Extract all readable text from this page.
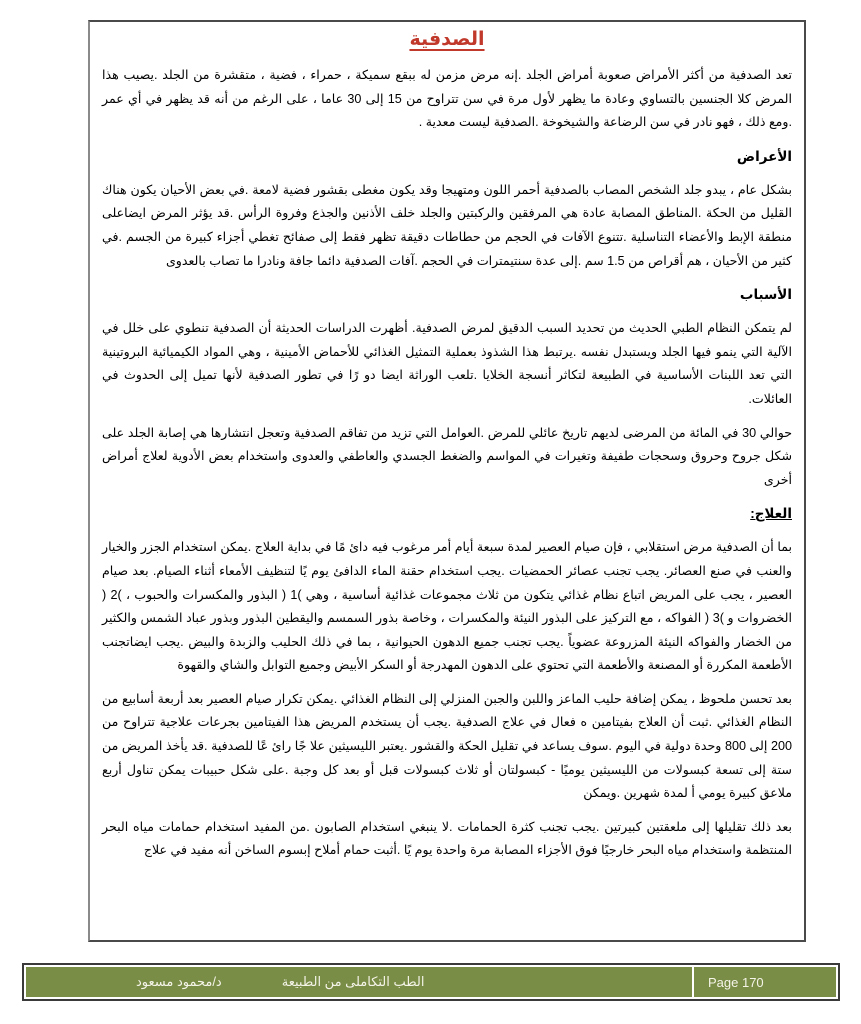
الصدفية

تعد الصدفية من أكثر الأمراض صعوبة أمراض الجلد .إنه مرض مزمن له ببقع سميكة ، حمراء ، فضية ، متقشرة من الجلد .يصيب هذا المرض كلا الجنسين بالتساوي وعادة ما يظهر لأول مرة في سن تتراوح من 15 إلى 30 عاما ، على الرغم من أنه قد يظهر في أي عمر .ومع ذلك ، فهو نادر في سن الرضاعة والشيخوخة .الصدفية ليست معدية .

الأعراض

بشكل عام ، يبدو جلد الشخص المصاب بالصدفية أحمر اللون ومتهيجا وقد يكون مغطى بقشور فضية لامعة .في بعض الأحيان يكون هناك القليل من الحكة .المناطق المصابة عادة هي المرفقين والركبتين والجلد خلف الأذنين والجذع وفروة الرأس .قد يؤثر المرض ايضاعلى منطقة الإبط والأعضاء التناسلية .تتنوع الآفات في الحجم من حطاطات دقيقة تظهر فقط إلى صفائح تغطي أجزاء كبيرة من الجسم .في كثير من الأحيان ، هم أقراص من 1.5 سم .إلى عدة سنتيمترات في الحجم .آفات الصدفية دائما جافة ونادرا ما تصاب بالعدوى

الأسباب

لم يتمكن النظام الطبي الحديث من تحديد السبب الدقيق لمرض الصدفية. أظهرت الدراسات الحديثة أن الصدفية تنطوي على خلل في الآلية التي ينمو فيها الجلد ويستبدل نفسه .يرتبط هذا الشذوذ بعملية التمثيل الغذائي للأحماض الأمينية ، وهي المواد الكيميائية البروتينية التي تعد اللبنات الأساسية في الطبيعة لتكاثر أنسجة الخلايا .تلعب الوراثة ايضا دو رًا في تطور الصدفية لأنها تميل إلى الحدوث في العائلات.

حوالي 30 في المائة من المرضى لديهم تاريخ عائلي للمرض .العوامل التي تزيد من تفاقم الصدفية وتعجل انتشارها هي إصابة الجلد على شكل جروح وحروق وسحجات طفيفة وتغيرات في المواسم والضغط الجسدي والعاطفي والعدوى واستخدام بعض الأدوية لعلاج أمراض أخرى

العلاج:

بما أن الصدفية مرض استقلابي ، فإن صيام العصير لمدة سبعة أيام أمر مرغوب فيه داىٔ مًا في بداية العلاج .يمكن استخدام الجزر والخيار والعنب في صنع العصائر. يجب تجنب عصائر الحمضيات .يجب استخدام حقنة الماء الدافئ يوم يًا لتنظيف الأمعاء أثناء الصيام. بعد صيام العصير ، يجب على المريض اتباع نظام غذائي يتكون من ثلاث مجموعات غذائية أساسية ، وهي )1 ( البذور والمكسرات والحبوب ، )2 ( الخضروات و )3 ( الفواكه ، مع التركيز على البذور النيئة والمكسرات ، وخاصة بذور السمسم واليقطين البذور وبذور عباد الشمس والكثير من الخضار والفواكه النيئة المزروعة عضوياً .يجب تجنب جميع الدهون الحيوانية ، بما في ذلك الحليب والزبدة والبيض .يجب ايضاتجنب الأطعمة المكررة أو المصنعة والأطعمة التي تحتوي على الدهون المهدرجة أو السكر الأبيض وجميع التوابل والشاي والقهوة

بعد تحسن ملحوظ ، يمكن إضافة حليب الماعز واللبن والجبن المنزلي إلى النظام الغذائي .يمكن تكرار صيام العصير بعد أربعة أسابيع من النظام الغذائي .ثبت أن العلاج بفيتامين ه فعال في علاج الصدفية .يجب أن يستخدم المريض هذا الفيتامين بجرعات علاجية تتراوح من 200 إلى 800 وحدة دولية في اليوم .سوف يساعد في تقليل الحكة والقشور .يعتبر الليسيثين علا جًا رائ عًا للصدفية .قد يأخذ المريض من ستة إلى تسعة كبسولات من الليسيثين يوميًا - كبسولتان أو ثلاث كبسولات قبل أو بعد كل وجبة .على شكل حبيبات يمكن تناول أربع ملاعق كبيرة يومي أ لمدة شهرين .ويمكن

بعد ذلك تقليلها إلى ملعقتين كبيرتين .يجب تجنب كثرة الحمامات .لا ينبغي استخدام الصابون .من المفيد استخدام حمامات مياه البحر المنتظمة واستخدام مياه البحر خارجيًا فوق الأجزاء المصابة مرة واحدة يوم يًا .أثبت حمام أملاح إبسوم الساخن أنه مفيد في علاج

د/محمود مسعود	الطب التكاملى من الطبيعة	Page 170
